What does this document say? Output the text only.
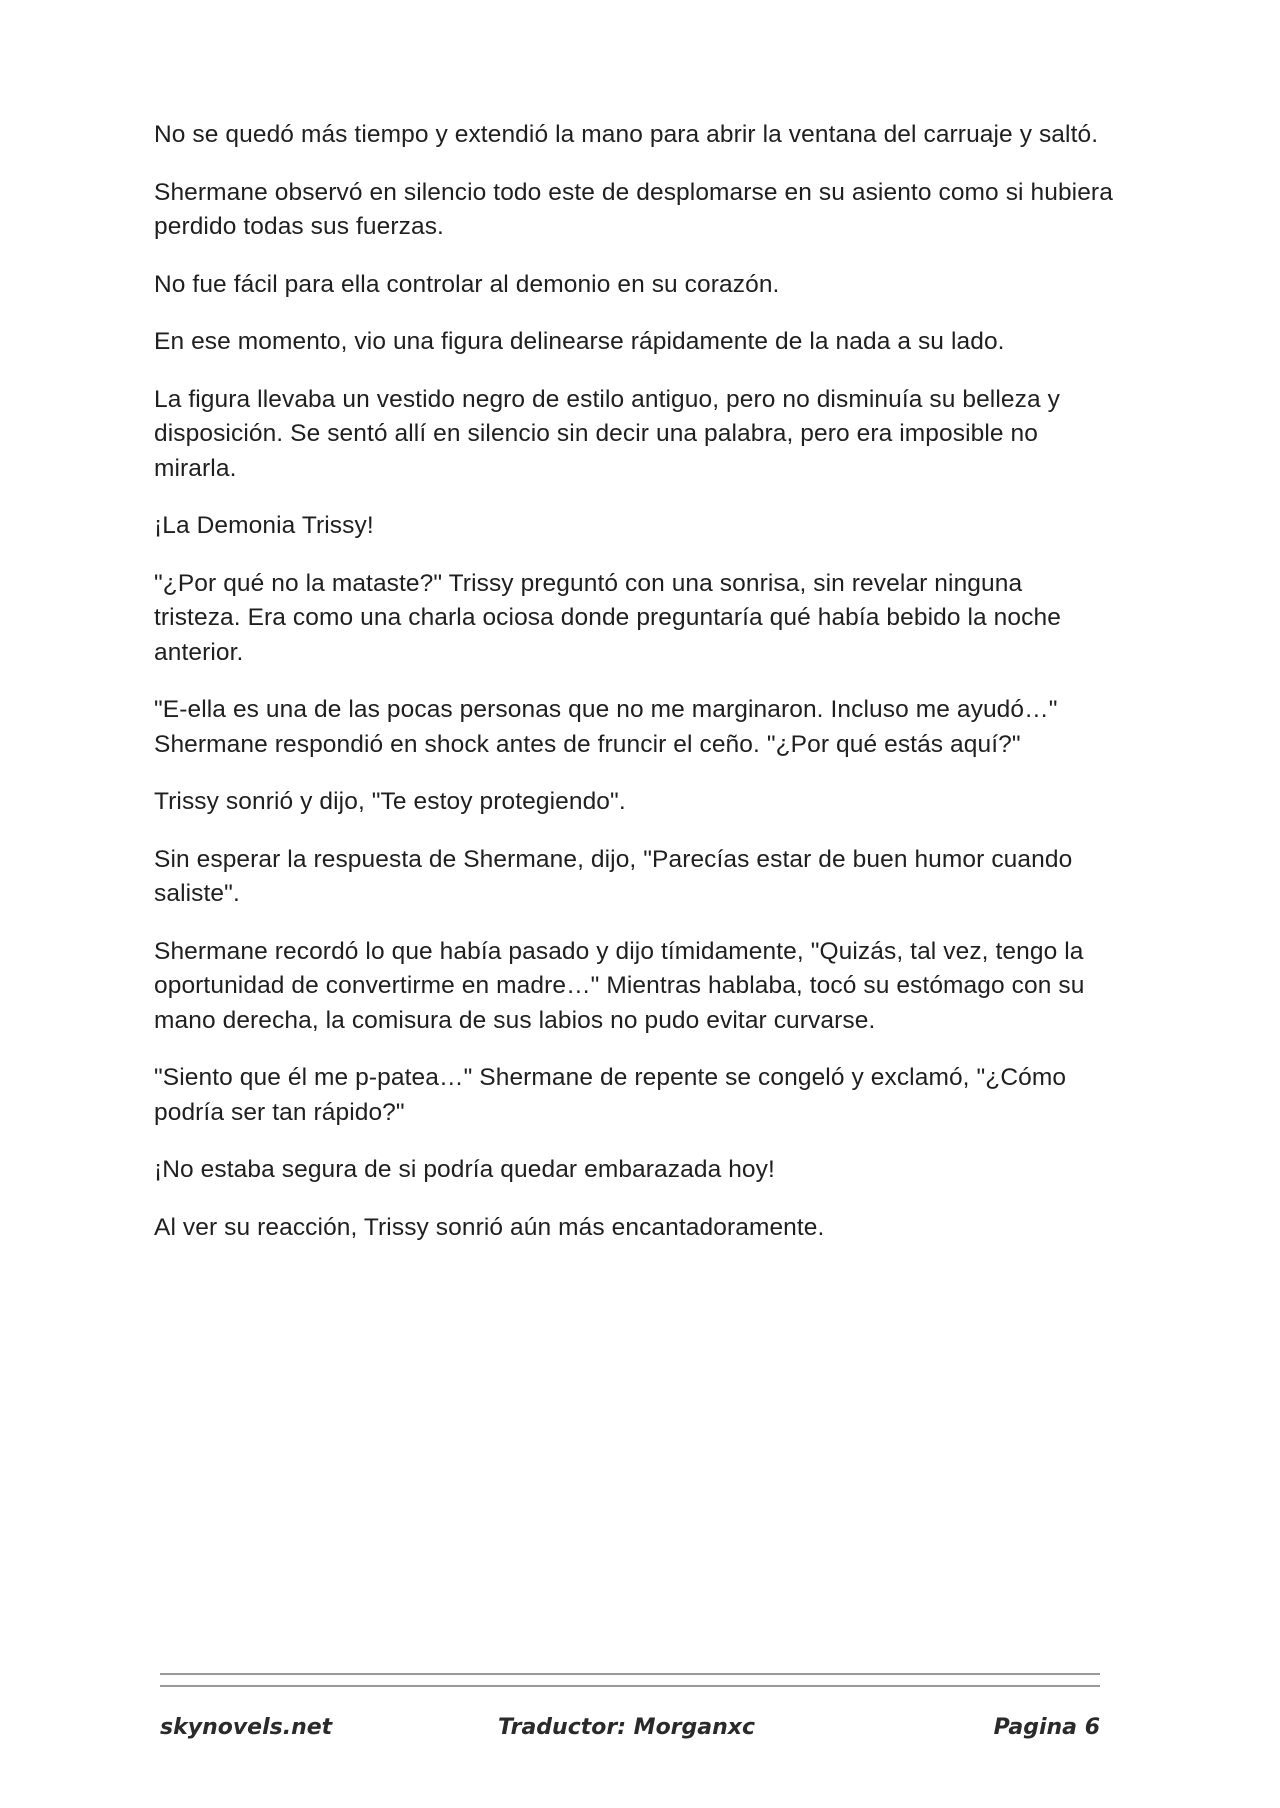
No se quedó más tiempo y extendió la mano para abrir la ventana del carruaje y saltó.

Shermane observó en silencio todo este de desplomarse en su asiento como si hubiera perdido todas sus fuerzas.

No fue fácil para ella controlar al demonio en su corazón.

En ese momento, vio una figura delinearse rápidamente de la nada a su lado.

La figura llevaba un vestido negro de estilo antiguo, pero no disminuía su belleza y disposición. Se sentó allí en silencio sin decir una palabra, pero era imposible no mirarla.

¡La Demonia Trissy!

"¿Por qué no la mataste?" Trissy preguntó con una sonrisa, sin revelar ninguna tristeza. Era como una charla ociosa donde preguntaría qué había bebido la noche anterior.

"E-ella es una de las pocas personas que no me marginaron. Incluso me ayudó…" Shermane respondió en shock antes de fruncir el ceño. "¿Por qué estás aquí?"

Trissy sonrió y dijo, "Te estoy protegiendo".

Sin esperar la respuesta de Shermane, dijo, "Parecías estar de buen humor cuando saliste".

Shermane recordó lo que había pasado y dijo tímidamente, "Quizás, tal vez, tengo la oportunidad de convertirme en madre…" Mientras hablaba, tocó su estómago con su mano derecha, la comisura de sus labios no pudo evitar curvarse.

"Siento que él me p-patea…" Shermane de repente se congeló y exclamó, "¿Cómo podría ser tan rápido?"

¡No estaba segura de si podría quedar embarazada hoy!

Al ver su reacción, Trissy sonrió aún más encantadoramente.

skynovels.net	Traductor: Morganxc	Pagina 6
